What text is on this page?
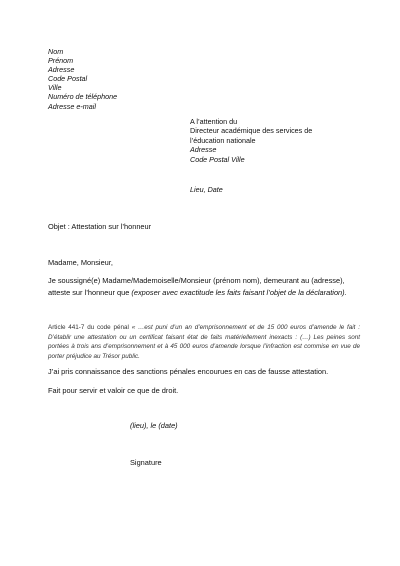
Nom
Prénom
Adresse
Code Postal
Ville
Numéro de téléphone
Adresse e-mail
A l’attention du
Directeur académique des services de
l’éducation nationale
Adresse
Code Postal Ville
Lieu, Date
Objet : Attestation sur l’honneur
Madame, Monsieur,
Je soussigné(e) Madame/Mademoiselle/Monsieur (prénom nom), demeurant au (adresse),
atteste sur l’honneur que (exposer avec exactitude les faits faisant l’objet de la déclaration).
Article 441-7 du code pénal « …est puni d’un an d’emprisonnement et de 15 000 euros d’amende le fait : D’établir une attestation ou un certificat faisant état de faits matériellement inexacts : (…) Les peines sont portées à trois ans d’emprisonnement et à 45 000 euros d’amende lorsque l’infraction est commise en vue de porter préjudice au Trésor public.
J’ai pris connaissance des sanctions pénales encourues en cas de fausse attestation.
Fait pour servir et valoir ce que de droit.
(lieu), le (date)
Signature
